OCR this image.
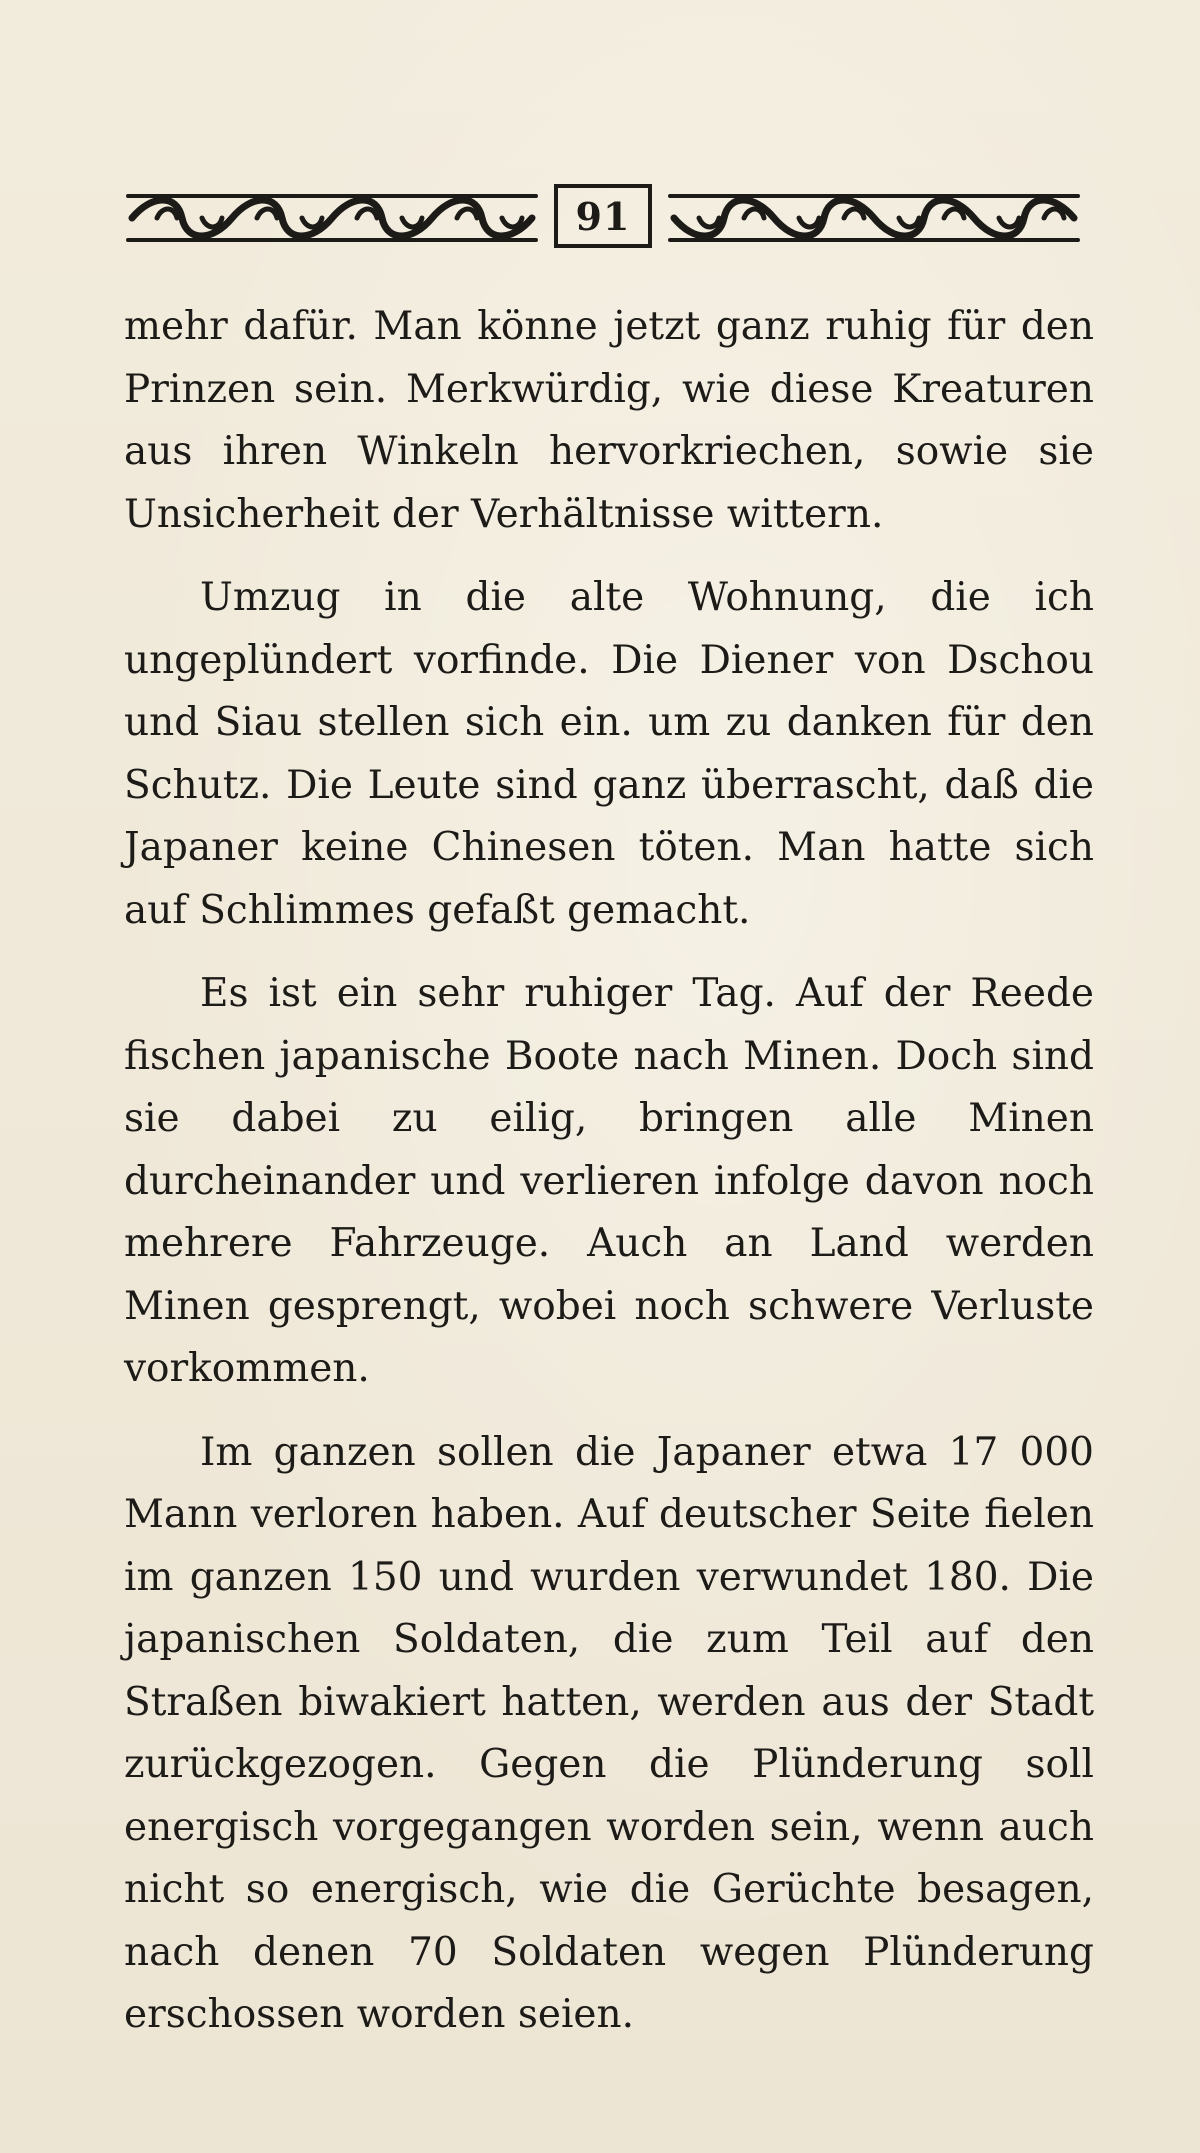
91

mehr dafür. Man könne jetzt ganz ruhig für den Prinzen sein. Merkwürdig, wie diese Kreaturen aus ihren Winkeln hervorkriechen, sowie sie Unsicherheit der Verhältnisse wittern.

Umzug in die alte Wohnung, die ich ungeplündert vorfinde. Die Diener von Dschou und Siau stellen sich ein. um zu danken für den Schutz. Die Leute sind ganz überrascht, daß die Japaner keine Chinesen töten. Man hatte sich auf Schlimmes gefaßt gemacht.

Es ist ein sehr ruhiger Tag. Auf der Reede fischen japanische Boote nach Minen. Doch sind sie dabei zu eilig, bringen alle Minen durcheinander und verlieren infolge davon noch mehrere Fahrzeuge. Auch an Land werden Minen gesprengt, wobei noch schwere Verluste vorkommen.

Im ganzen sollen die Japaner etwa 17 000 Mann verloren haben. Auf deutscher Seite fielen im ganzen 150 und wurden verwundet 180. Die japanischen Soldaten, die zum Teil auf den Straßen biwakiert hatten, werden aus der Stadt zurückgezogen. Gegen die Plünderung soll energisch vorgegangen worden sein, wenn auch nicht so energisch, wie die Gerüchte besagen, nach denen 70 Soldaten wegen Plünderung erschossen worden seien.
